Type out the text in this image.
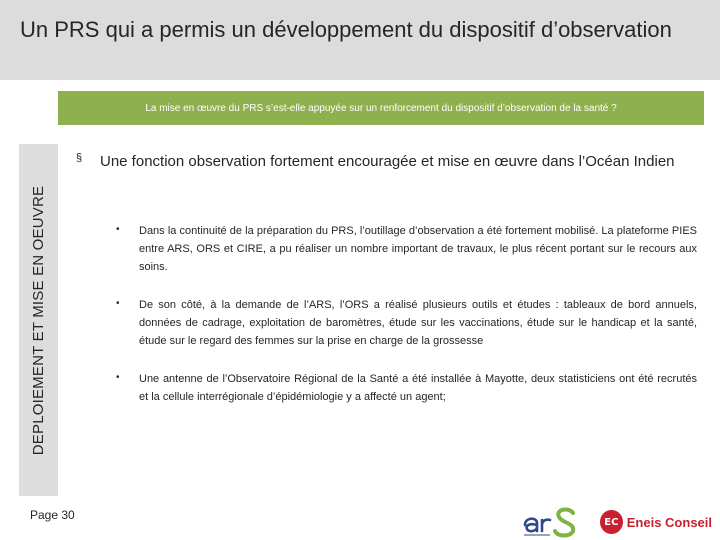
Un PRS qui a permis un développement du dispositif d’observation
La mise en œuvre du PRS s’est-elle appuyée sur un renforcement du dispositif d’observation de la santé ?
DEPLOIEMENT ET MISE EN OEUVRE
§ Une fonction observation fortement encouragée et mise en œuvre dans l’Océan Indien

• Dans la continuité de la préparation du PRS, l’outillage d’observation a été fortement mobilisé. La plateforme PIES entre ARS, ORS et CIRE, a pu réaliser un nombre important de travaux, le plus récent portant sur le recours aux soins.

• De son côté, à la demande de l’ARS, l’ORS a réalisé plusieurs outils et études : tableaux de bord annuels, données de cadrage, exploitation de baromètres, étude sur les vaccinations, étude sur le handicap et la santé, étude sur le regard des femmes sur la prise en charge de la grossesse

• Une antenne de l’Observatoire Régional de la Santé a été installée à Mayotte, deux statisticiens ont été recrutés et la cellule interrégionale d’épidémiologie y a affecté un agent;

Page 30	EC Eneis Conseil
